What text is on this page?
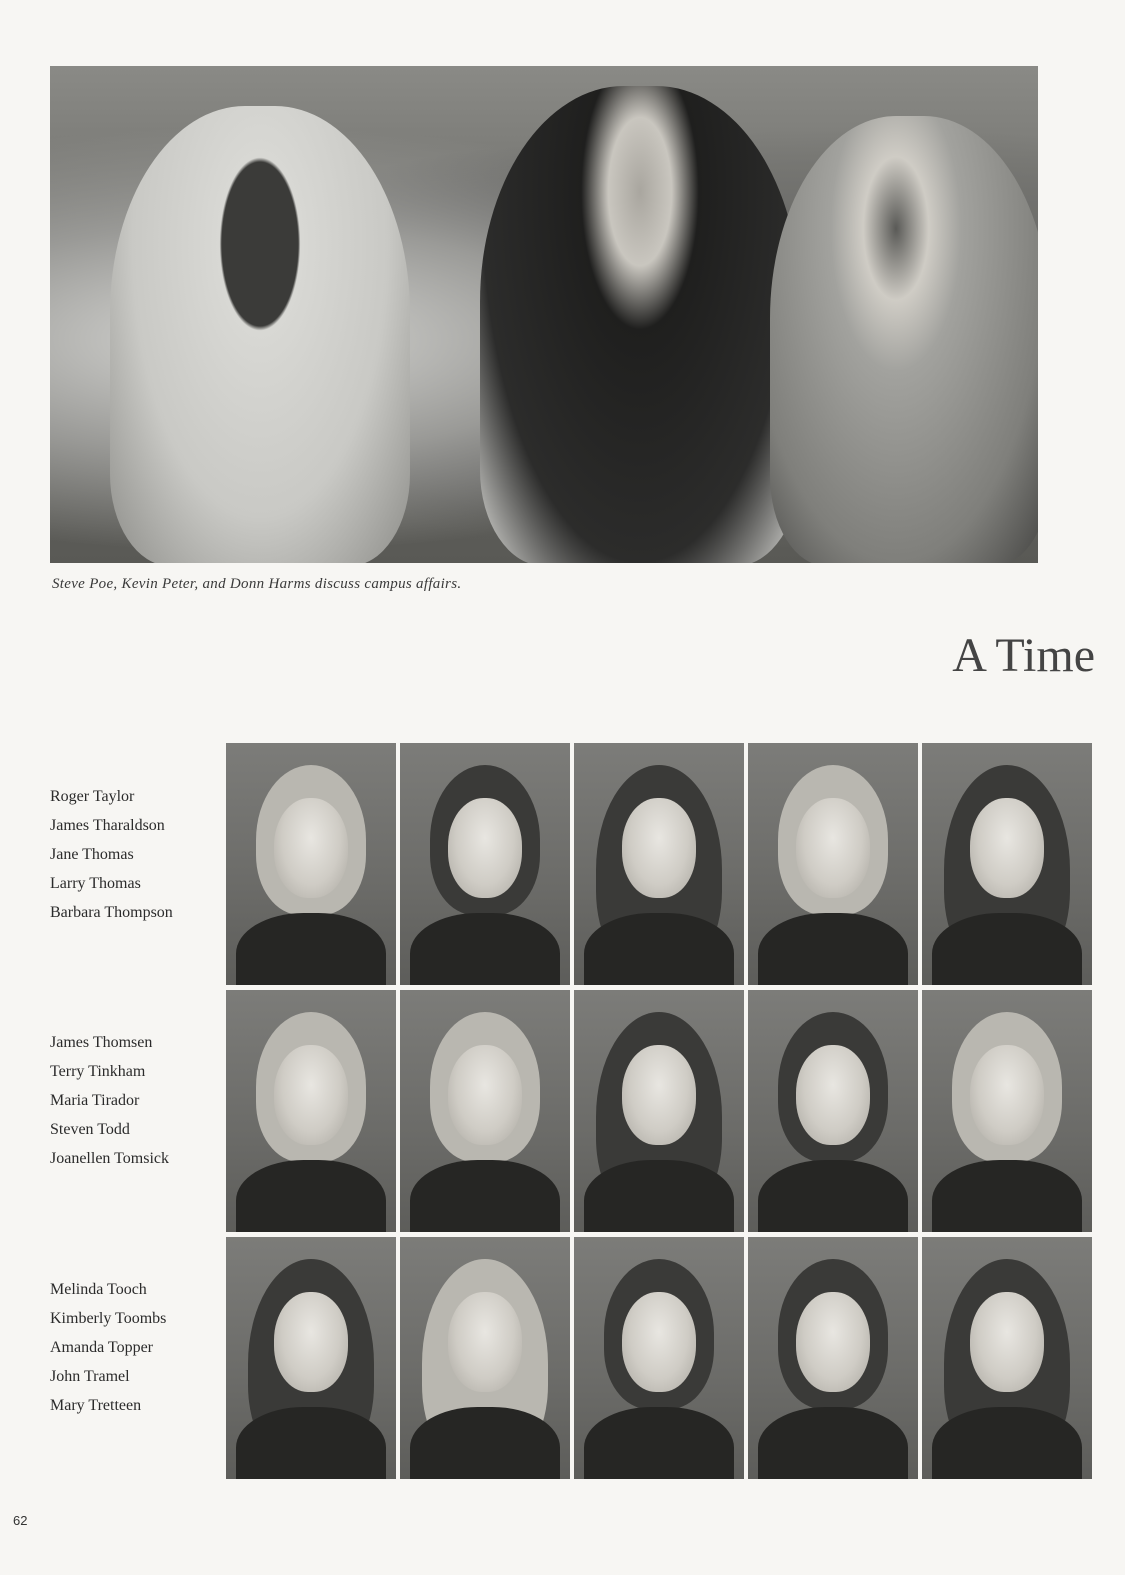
Steve Poe, Kevin Peter, and Donn Harms discuss campus affairs.
A Time
Roger Taylor
James Tharaldson
Jane Thomas
Larry Thomas
Barbara Thompson
James Thomsen
Terry Tinkham
Maria Tirador
Steven Todd
Joanellen Tomsick
Melinda Tooch
Kimberly Toombs
Amanda Topper
John Tramel
Mary Tretteen
62
